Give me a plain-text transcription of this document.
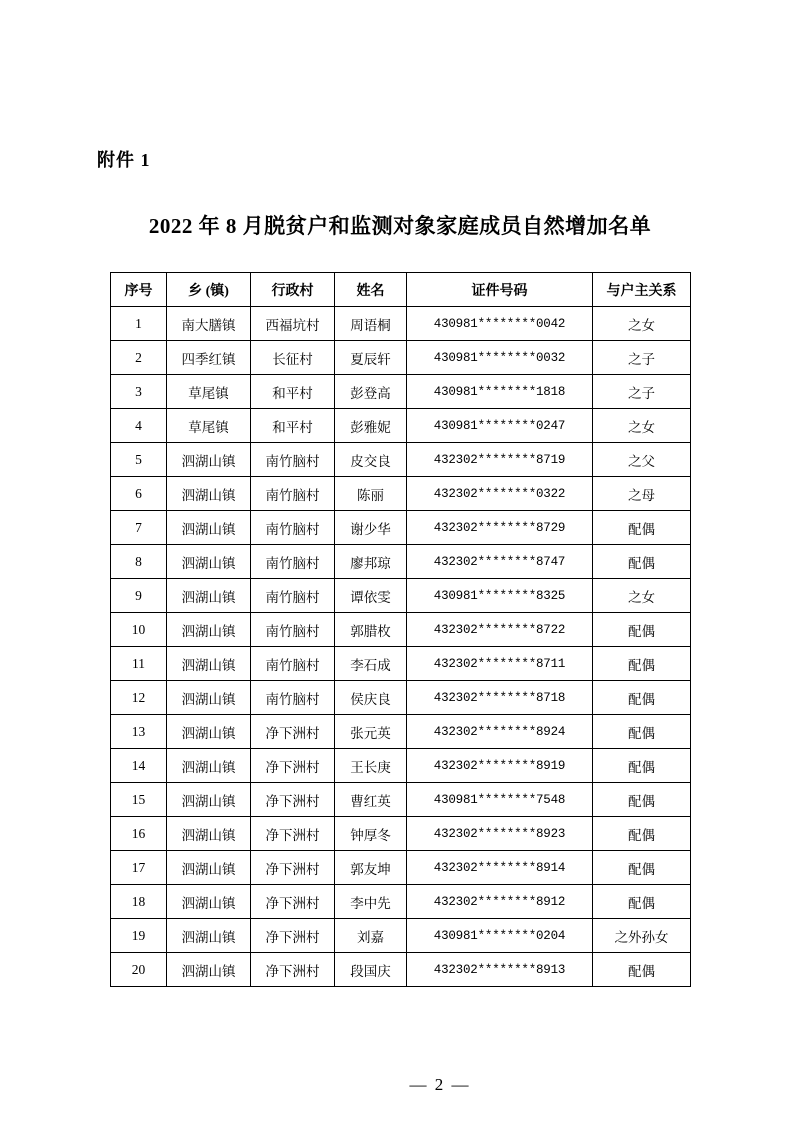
附件 1
2022 年 8 月脱贫户和监测对象家庭成员自然增加名单
序号	乡 (镇)	行政村	姓名	证件号码	与户主关系
1	南大膳镇	西福坑村	周语桐	430981********0042	之女
2	四季红镇	长征村	夏辰轩	430981********0032	之子
3	草尾镇	和平村	彭登高	430981********1818	之子
4	草尾镇	和平村	彭雅妮	430981********0247	之女
5	泗湖山镇	南竹脑村	皮交良	432302********8719	之父
6	泗湖山镇	南竹脑村	陈丽	432302********0322	之母
7	泗湖山镇	南竹脑村	谢少华	432302********8729	配偶
8	泗湖山镇	南竹脑村	廖邦琼	432302********8747	配偶
9	泗湖山镇	南竹脑村	谭依雯	430981********8325	之女
10	泗湖山镇	南竹脑村	郭腊枚	432302********8722	配偶
11	泗湖山镇	南竹脑村	李石成	432302********8711	配偶
12	泗湖山镇	南竹脑村	侯庆良	432302********8718	配偶
13	泗湖山镇	净下洲村	张元英	432302********8924	配偶
14	泗湖山镇	净下洲村	王长庚	432302********8919	配偶
15	泗湖山镇	净下洲村	曹红英	430981********7548	配偶
16	泗湖山镇	净下洲村	钟厚冬	432302********8923	配偶
17	泗湖山镇	净下洲村	郭友坤	432302********8914	配偶
18	泗湖山镇	净下洲村	李中先	432302********8912	配偶
19	泗湖山镇	净下洲村	刘嘉	430981********0204	之外孙女
20	泗湖山镇	净下洲村	段国庆	432302********8913	配偶
— 2 —
